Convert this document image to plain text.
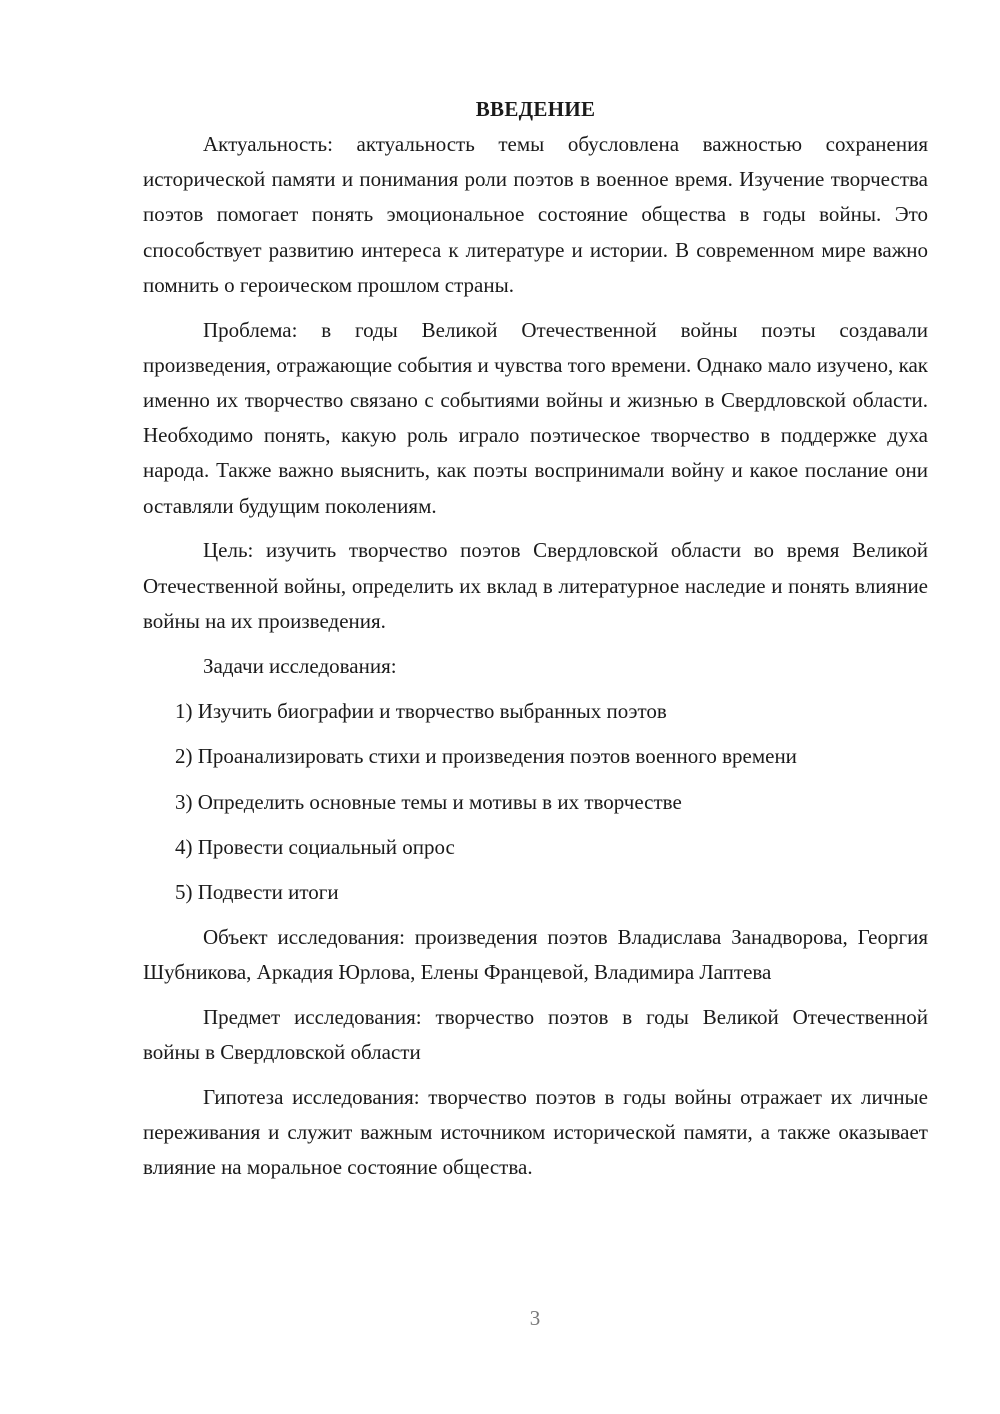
ВВЕДЕНИЕ

Актуальность: актуальность темы обусловлена важностью сохранения исторической памяти и понимания роли поэтов в военное время. Изучение творчества поэтов помогает понять эмоциональное состояние общества в годы войны. Это способствует развитию интереса к литературе и истории. В современном мире важно помнить о героическом прошлом страны.

Проблема: в годы Великой Отечественной войны поэты создавали произведения, отражающие события и чувства того времени. Однако мало изучено, как именно их творчество связано с событиями войны и жизнью в Свердловской области. Необходимо понять, какую роль играло поэтическое творчество в поддержке духа народа. Также важно выяснить, как поэты воспринимали войну и какое послание они оставляли будущим поколениям.

Цель: изучить творчество поэтов Свердловской области во время Великой Отечественной войны, определить их вклад в литературное наследие и понять влияние войны на их произведения.

Задачи исследования:

1) Изучить биографии и творчество выбранных поэтов

2) Проанализировать стихи и произведения поэтов военного времени

3) Определить основные темы и мотивы в их творчестве

4) Провести социальный опрос

5) Подвести итоги

Объект исследования: произведения поэтов Владислава Занадворова, Георгия Шубникова, Аркадия Юрлова, Елены Францевой, Владимира Лаптева

Предмет исследования: творчество поэтов в годы Великой Отечественной войны в Свердловской области

Гипотеза исследования: творчество поэтов в годы войны отражает их личные переживания и служит важным источником исторической памяти, а также оказывает влияние на моральное состояние общества.

3
